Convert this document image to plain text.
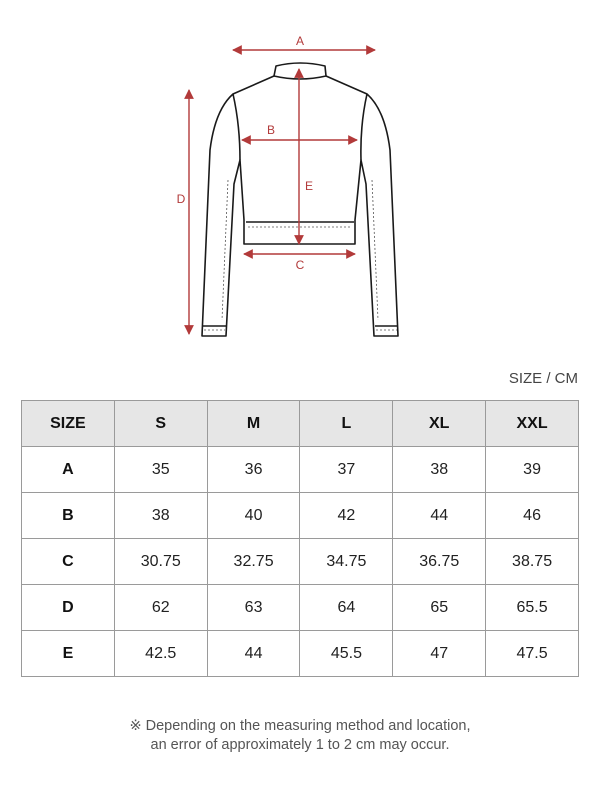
A
B
C
D
E
SIZE / CM
SIZE	S	M	L	XL	XXL
A	35	36	37	38	39
B	38	40	42	44	46
C	30.75	32.75	34.75	36.75	38.75
D	62	63	64	65	65.5
E	42.5	44	45.5	47	47.5
※ Depending on the measuring method and location,
an error of approximately 1 to 2 cm may occur.
